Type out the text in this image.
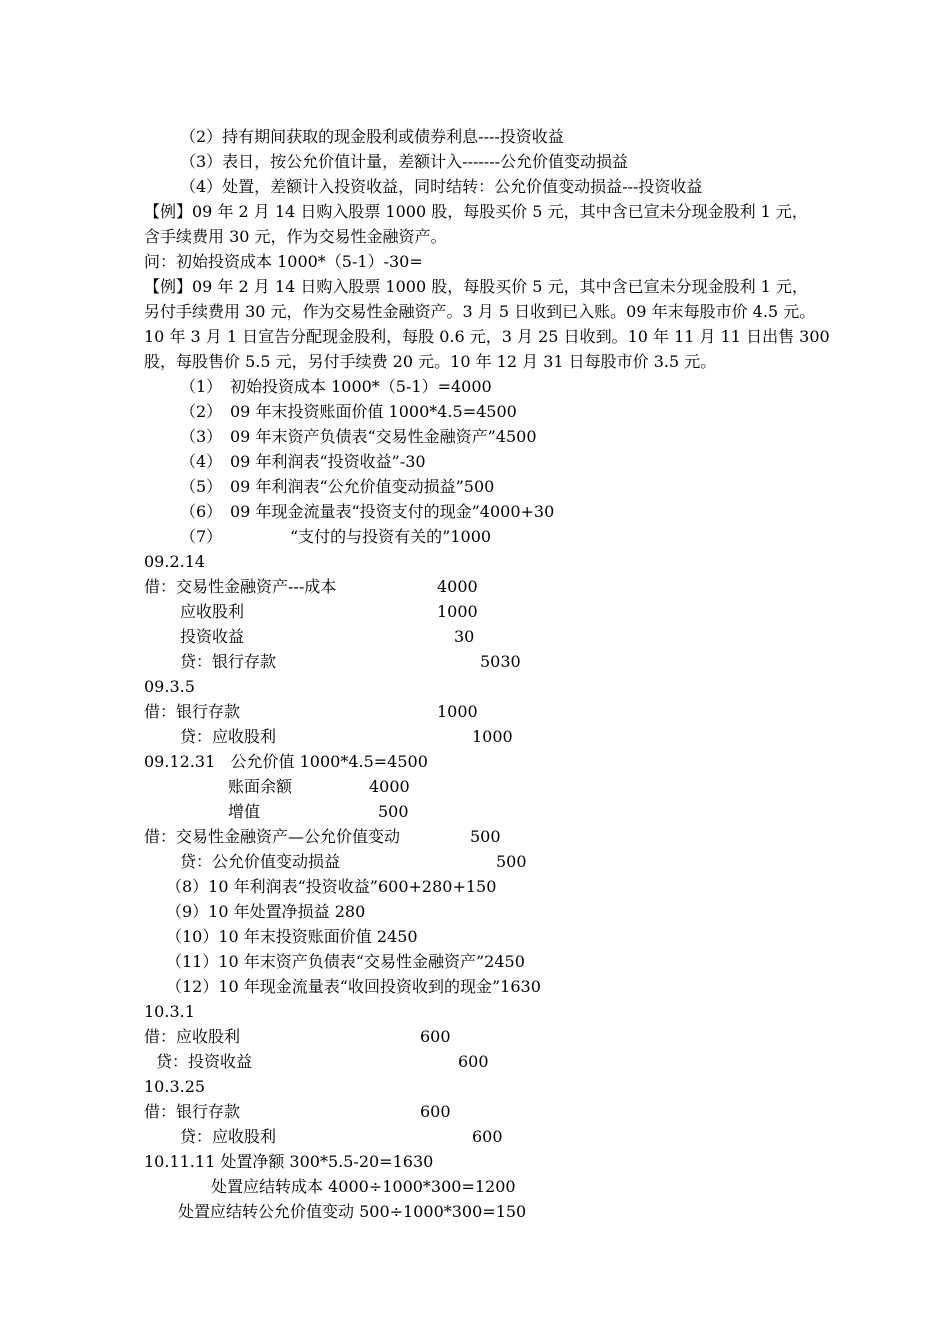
（2）持有期间获取的现金股利或债券利息----投资收益
（3）表日，按公允价值计量，差额计入-------公允价值变动损益
（4）处置，差额计入投资收益，同时结转：公允价值变动损益---投资收益
【例】09 年 2 月 14 日购入股票 1000 股，每股买价 5 元，其中含已宣未分现金股利 1 元，
含手续费用 30 元，作为交易性金融资产。
问：初始投资成本 1000*（5-1）-30=
【例】09 年 2 月 14 日购入股票 1000 股，每股买价 5 元，其中含已宣未分现金股利 1 元，
另付手续费用 30 元，作为交易性金融资产。3 月 5 日收到已入账。09 年末每股市价 4.5 元。
10 年 3 月 1 日宣告分配现金股利，每股 0.6 元，3 月 25 日收到。10 年 11 月 11 日出售 300
股，每股售价 5.5 元，另付手续费 20 元。10 年 12 月 31 日每股市价 3.5 元。
（1） 初始投资成本 1000*（5-1）=4000
（2） 09 年末投资账面价值 1000*4.5=4500
（3） 09 年末资产负债表“交易性金融资产”4500
（4） 09 年利润表“投资收益”-30
（5） 09 年利润表“公允价值变动损益”500
（6） 09 年现金流量表“投资支付的现金”4000+30
（7）	“支付的与投资有关的”1000
09.2.14
借：交易性金融资产---成本	4000
应收股利	1000
投资收益	30
贷：银行存款	5030
09.3.5
借：银行存款	1000
贷：应收股利	1000
09.12.31   公允价值 1000*4.5=4500
账面余额	4000
增值	500
借：交易性金融资产—公允价值变动	500
贷：公允价值变动损益	500
（8）10 年利润表“投资收益”600+280+150
（9）10 年处置净损益 280
（10）10 年末投资账面价值 2450
（11）10 年末资产负债表“交易性金融资产”2450
（12）10 年现金流量表“收回投资收到的现金”1630
10.3.1
借：应收股利	600
贷：投资收益	600
10.3.25
借：银行存款	600
贷：应收股利	600
10.11.11 处置净额 300*5.5-20=1630
处置应结转成本 4000÷1000*300=1200
处置应结转公允价值变动 500÷1000*300=150
